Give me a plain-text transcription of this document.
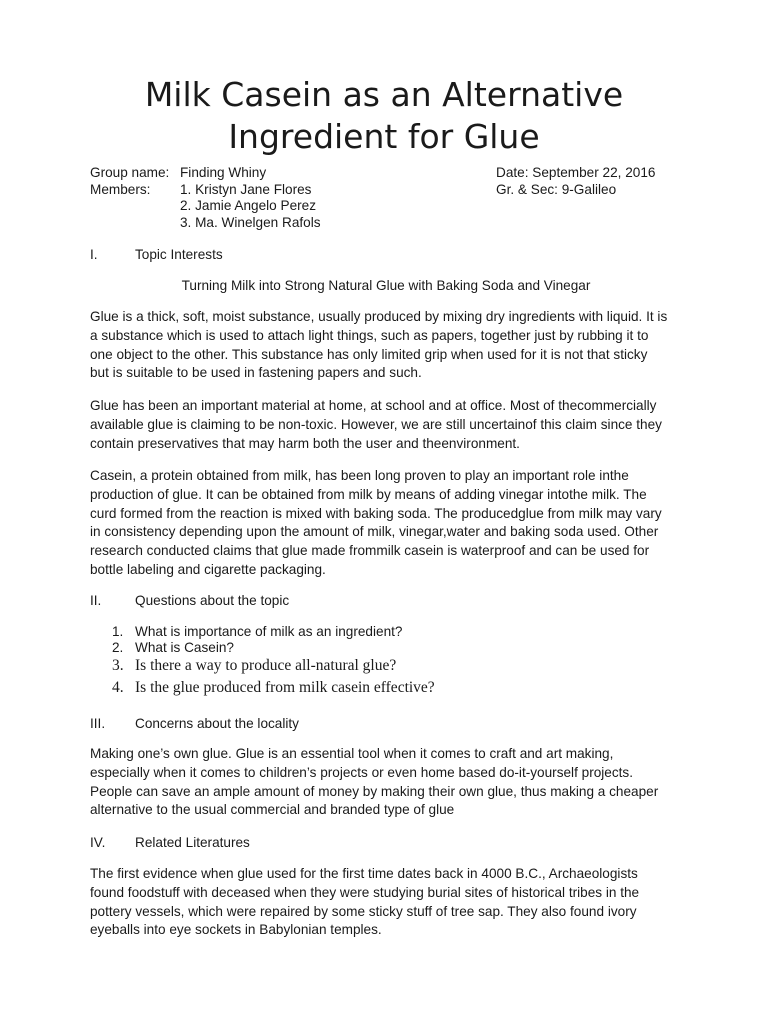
Milk Casein as an Alternative
Ingredient for Glue
Group name: Finding Whiny
Members: 1. Kristyn Jane Flores
2. Jamie Angelo Perez
3. Ma. Winelgen Rafols
Date: September 22, 2016
Gr. & Sec: 9-Galileo
I.	Topic Interests
Turning Milk into Strong Natural Glue with Baking Soda and Vinegar

Glue is a thick, soft, moist substance, usually produced by mixing dry ingredients with liquid. It is
a substance which is used to attach light things, such as papers, together just by rubbing it to
one object to the other. This substance has only limited grip when used for it is not that sticky
but is suitable to be used in fastening papers and such.

Glue has been an important material at home, at school and at office. Most of thecommercially
available glue is claiming to be non-toxic. However, we are still uncertainof this claim since they
contain preservatives that may harm both the user and theenvironment.

Casein, a protein obtained from milk, has been long proven to play an important role inthe
production of glue. It can be obtained from milk by means of adding vinegar intothe milk. The
curd formed from the reaction is mixed with baking soda. The producedglue from milk may vary
in consistency depending upon the amount of milk, vinegar,water and baking soda used. Other
research conducted claims that glue made frommilk casein is waterproof and can be used for
bottle labeling and cigarette packaging.

II. Questions about the topic
1. What is importance of milk as an ingredient?
2. What is Casein?
3. Is there a way to produce all-natural glue?
4. Is the glue produced from milk casein effective?
III. Concerns about the locality

Making one’s own glue. Glue is an essential tool when it comes to craft and art making,
especially when it comes to children’s projects or even home based do-it-yourself projects.
People can save an ample amount of money by making their own glue, thus making a cheaper
alternative to the usual commercial and branded type of glue

IV. Related Literatures

The first evidence when glue used for the first time dates back in 4000 B.C., Archaeologists
found foodstuff with deceased when they were studying burial sites of historical tribes in the
pottery vessels, which were repaired by some sticky stuff of tree sap. They also found ivory
eyeballs into eye sockets in Babylonian temples.
